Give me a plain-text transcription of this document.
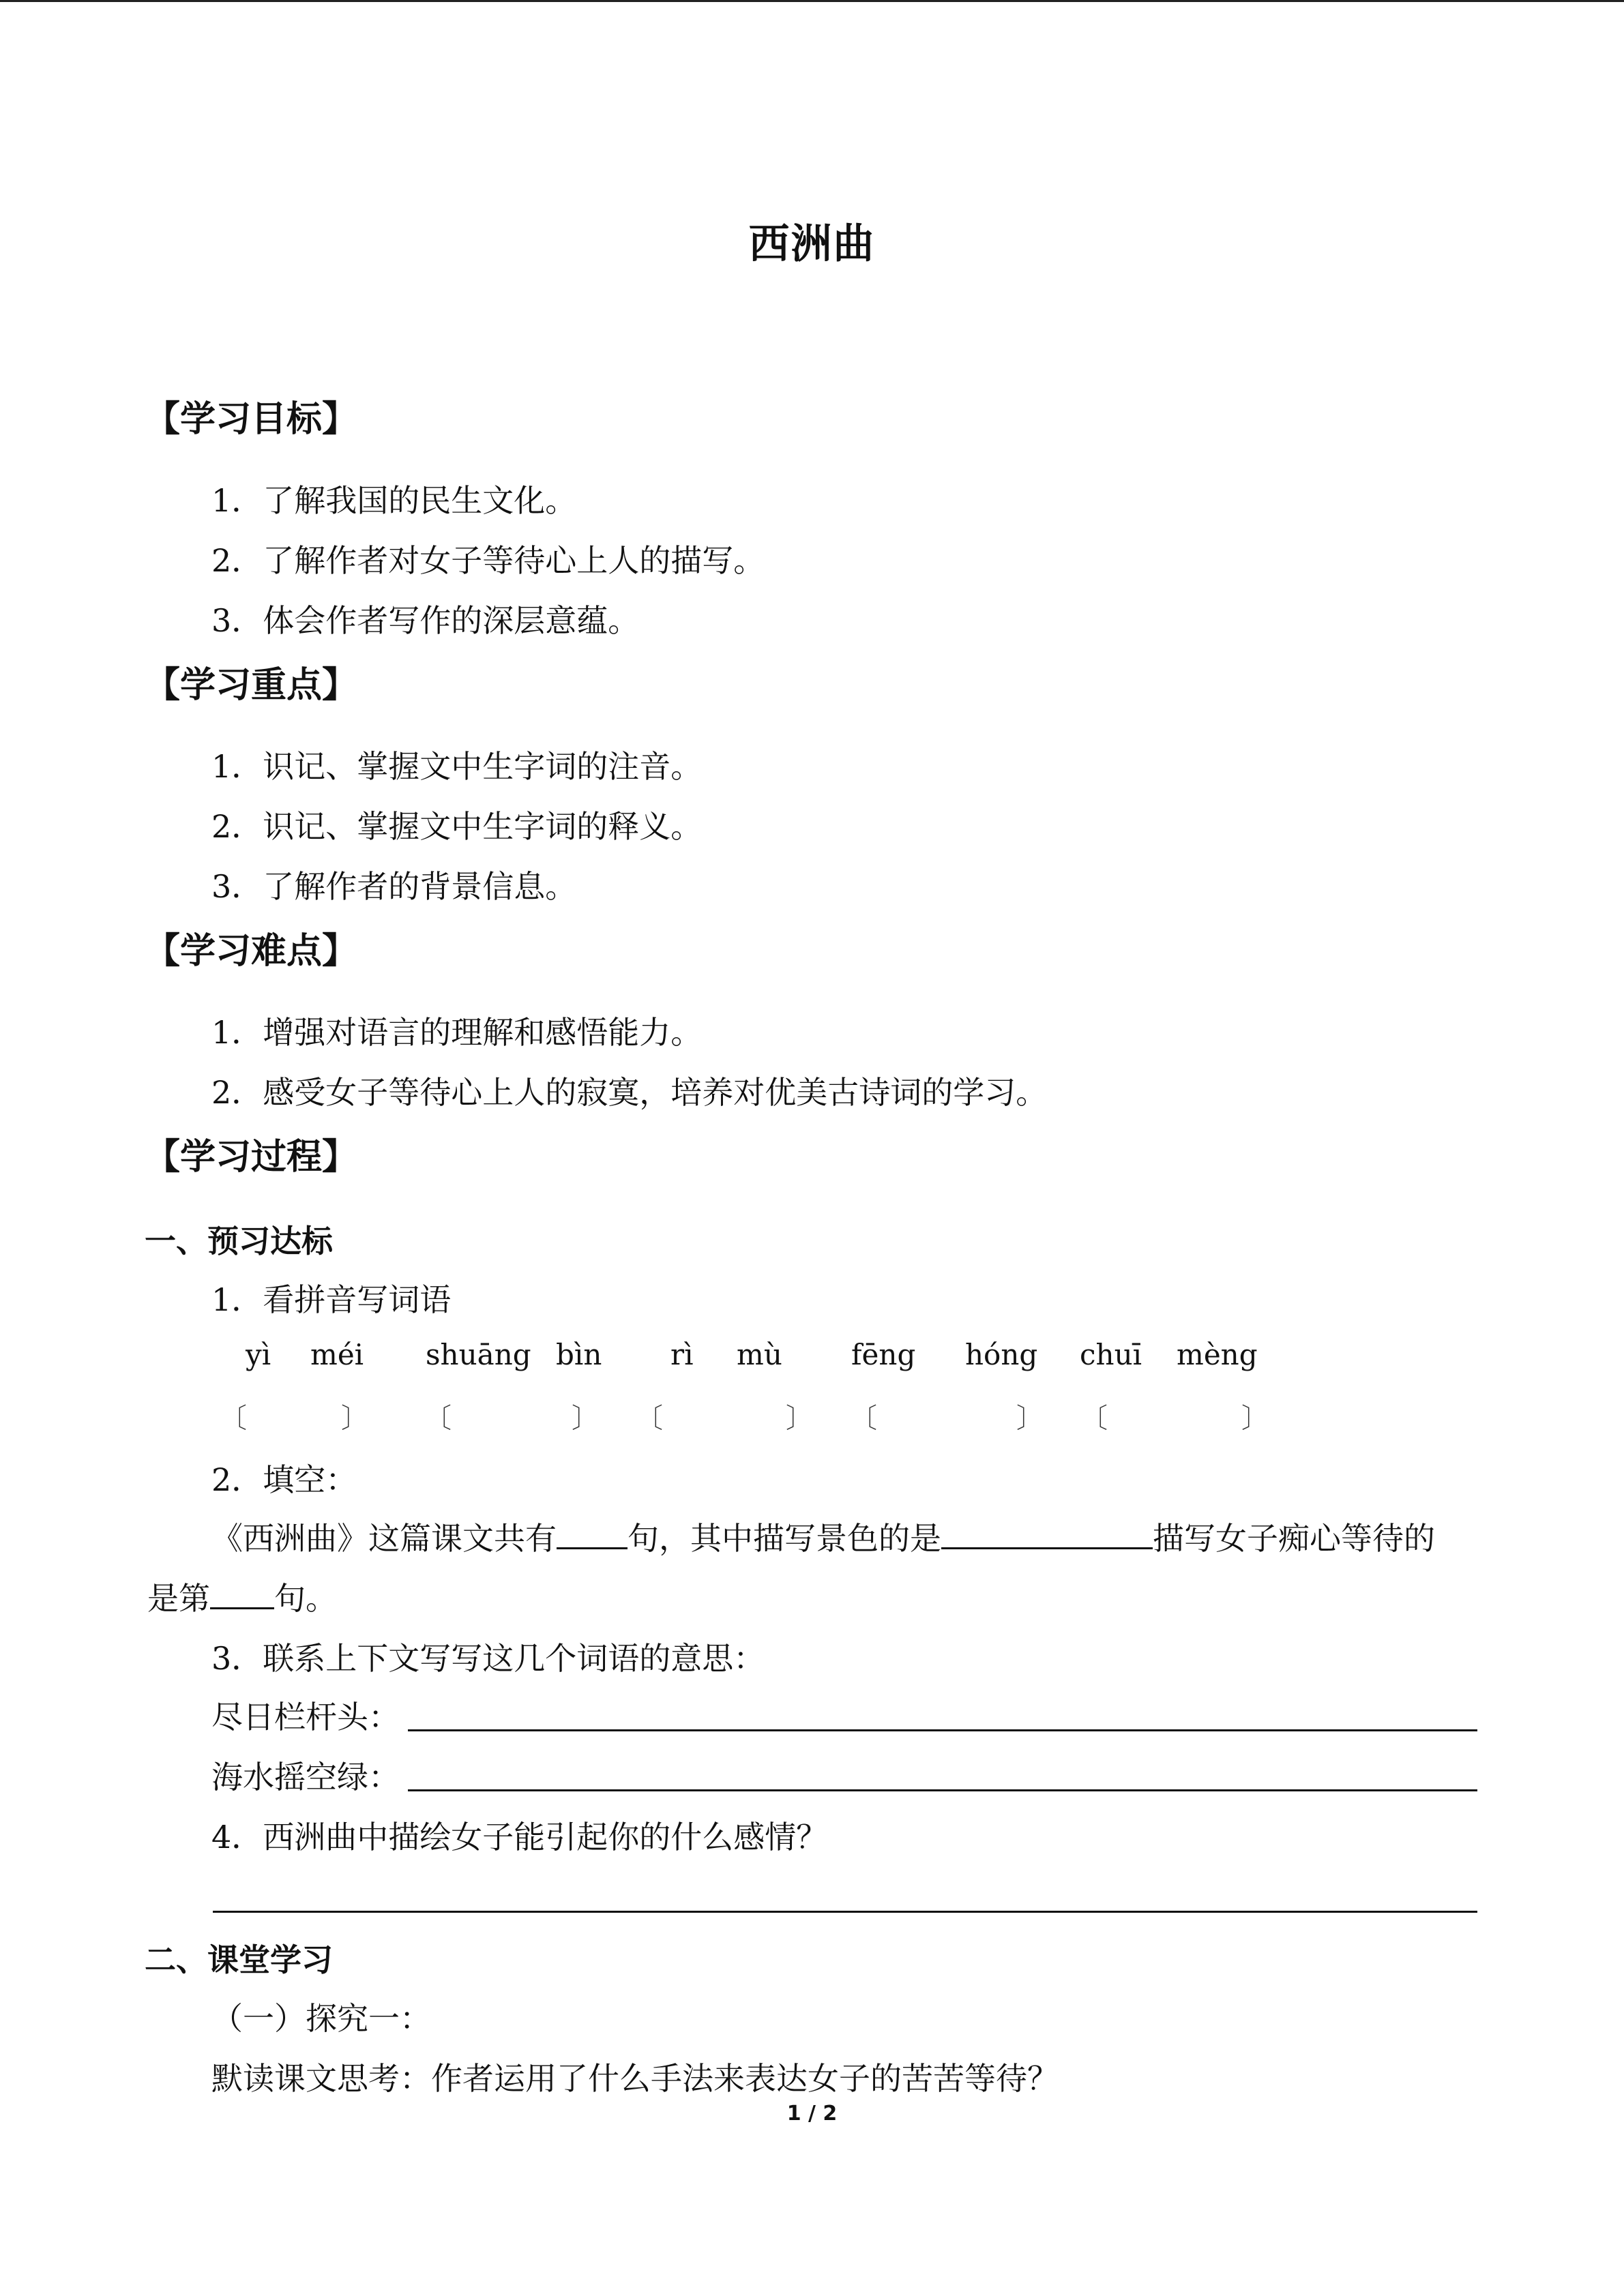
西洲曲
【学习目标】
1．了解我国的民生文化。
2．了解作者对女子等待心上人的描写。
3．体会作者写作的深层意蕴。
【学习重点】
1．识记、掌握文中生字词的注音。
2．识记、掌握文中生字词的释义。
3．了解作者的背景信息。
【学习难点】
1．增强对语言的理解和感悟能力。
2．感受女子等待心上人的寂寞，培养对优美古诗词的学习。
【学习过程】
一、预习达标
1．看拼音写词语
yì méi shuāng bìn rì mù fēng hóng chuī mèng
〔	〕 〔	〕 〔	〕 〔	〕 〔	〕
2．填空：
《西洲曲》这篇课文共有 句，其中描写景色的是	描写女子痴心等待的
是第 句。
3．联系上下文写写这几个词语的意思：
尽日栏杆头：
海水摇空绿：
4．西洲曲中描绘女子能引起你的什么感情？
二、课堂学习
（一）探究一：
默读课文思考：作者运用了什么手法来表达女子的苦苦等待？
1 / 2
